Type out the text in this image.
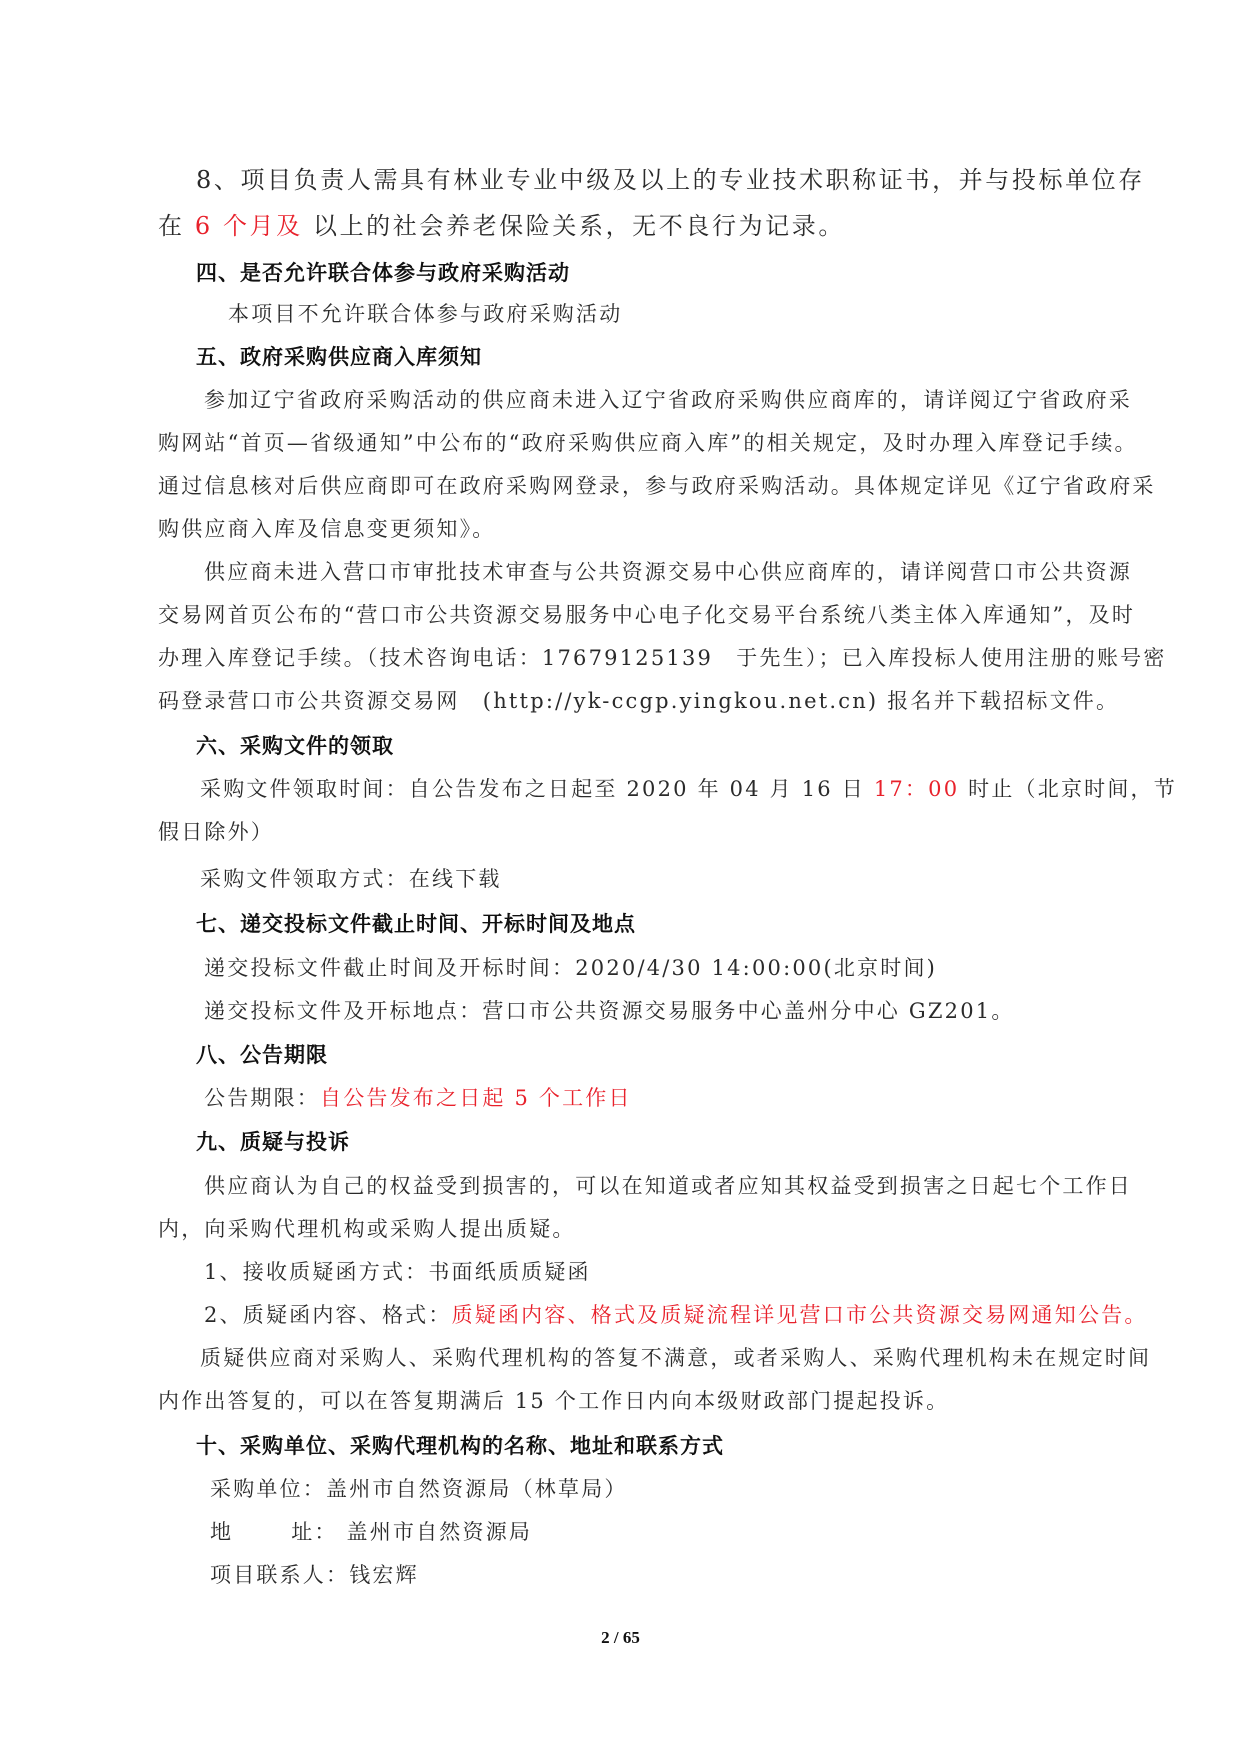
8、项目负责人需具有林业专业中级及以上的专业技术职称证书，并与投标单位存
在 6 个月及 以上的社会养老保险关系，无不良行为记录。
四、是否允许联合体参与政府采购活动
本项目不允许联合体参与政府采购活动
五、政府采购供应商入库须知
参加辽宁省政府采购活动的供应商未进入辽宁省政府采购供应商库的，请详阅辽宁省政府采
购网站“首页—省级通知”中公布的“政府采购供应商入库”的相关规定，及时办理入库登记手续。
通过信息核对后供应商即可在政府采购网登录，参与政府采购活动。具体规定详见《辽宁省政府采
购供应商入库及信息变更须知》。
供应商未进入营口市审批技术审查与公共资源交易中心供应商库的，请详阅营口市公共资源
交易网首页公布的“营口市公共资源交易服务中心电子化交易平台系统八类主体入库通知”，及时
办理入库登记手续。（技术咨询电话：17679125139　于先生）；已入库投标人使用注册的账号密
码登录营口市公共资源交易网　(http://yk-ccgp.yingkou.net.cn) 报名并下载招标文件。
六、采购文件的领取
采购文件领取时间：自公告发布之日起至 2020 年 04 月 16 日 17：00 时止（北京时间，节
假日除外）
采购文件领取方式：在线下载
七、递交投标文件截止时间、开标时间及地点
递交投标文件截止时间及开标时间：2020/4/30 14:00:00(北京时间)
递交投标文件及开标地点：营口市公共资源交易服务中心盖州分中心 GZ201。
八、公告期限
公告期限：自公告发布之日起 5 个工作日
九、质疑与投诉
供应商认为自己的权益受到损害的，可以在知道或者应知其权益受到损害之日起七个工作日
内，向采购代理机构或采购人提出质疑。
1、接收质疑函方式：书面纸质质疑函
2、质疑函内容、格式：质疑函内容、格式及质疑流程详见营口市公共资源交易网通知公告。
质疑供应商对采购人、采购代理机构的答复不满意，或者采购人、采购代理机构未在规定时间
内作出答复的，可以在答复期满后 15 个工作日内向本级财政部门提起投诉。
十、采购单位、采购代理机构的名称、地址和联系方式
采购单位：盖州市自然资源局（林草局）
地	址： 盖州市自然资源局
项目联系人：钱宏辉
2 / 65
